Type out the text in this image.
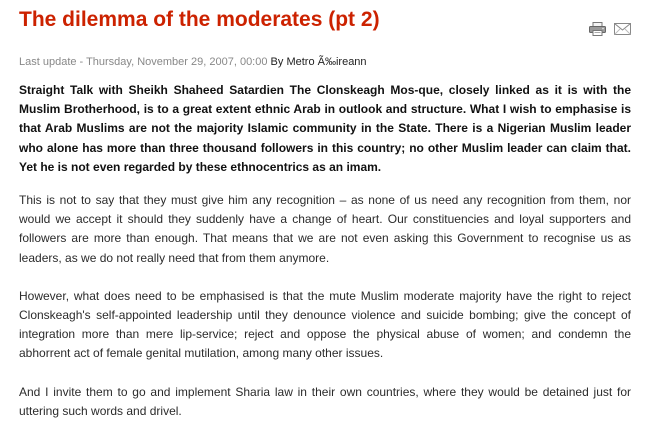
The dilemma of the moderates (pt 2)
Last update - Thursday, November 29, 2007, 00:00 By Metro Ã‰ireann

Straight Talk with Sheikh Shaheed Satardien The Clonskeagh Mos-que, closely linked as it is with the Muslim Brotherhood, is to a great extent ethnic Arab in outlook and structure. What I wish to emphasise is that Arab Muslims are not the majority Islamic community in the State. There is a Nigerian Muslim leader who alone has more than three thousand followers in this country; no other Muslim leader can claim that. Yet he is not even regarded by these ethnocentrics as an imam.

This is not to say that they must give him any recognition – as none of us need any recognition from them, nor would we accept it should they suddenly have a change of heart. Our constituencies and loyal supporters and followers are more than enough. That means that we are not even asking this Government to recognise us as leaders, as we do not really need that from them anymore.

However, what does need to be emphasised is that the mute Muslim moderate majority have the right to reject Clonskeagh's self-appointed leadership until they denounce violence and suicide bombing; give the concept of integration more than mere lip-service; reject and oppose the physical abuse of women; and condemn the abhorrent act of female genital mutilation, among many other issues.

And I invite them to go and implement Sharia law in their own countries, where they would be detained just for uttering such words and drivel.
